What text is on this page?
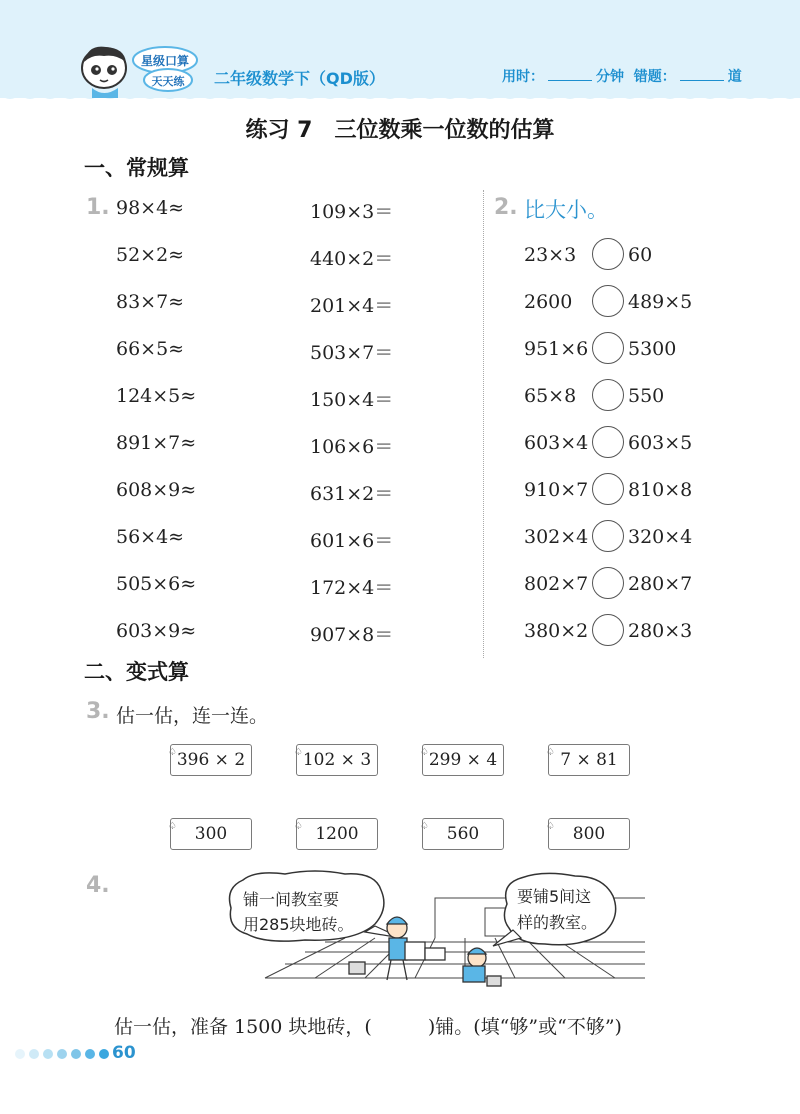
星级口算
天天练 二年级数学下（QD版）	用时：	分钟 错题：	道
练习 7　三位数乘一位数的估算
一、常规算
1. 98×4≈
52×2≈
83×7≈
66×5≈
124×5≈
891×7≈
608×9≈
56×4≈
505×6≈
603×9≈
109×3＝
440×2＝
201×4＝
503×7＝
150×4＝
106×6＝
631×2＝
601×6＝
172×4＝
907×8＝
2. 比大小。
23×3	60
2600	489×5
951×6 5300
65×8	550
603×4 603×5
910×7 810×8
302×4 320×4
802×7 280×7
380×2 280×3
二、变式算
3. 估一估，连一连。
♤ 396 × 2	♤ 102 × 3	♤ 299 × 4	♤ 7 × 81
♤ 300	♤ 1200	♤ 560	♤ 800
4.
铺一间教室要
用285块地砖。
要铺5间这
样的教室。
估一估，准备 1500 块地砖，(	)铺。(填“够”或“不够”)
60
